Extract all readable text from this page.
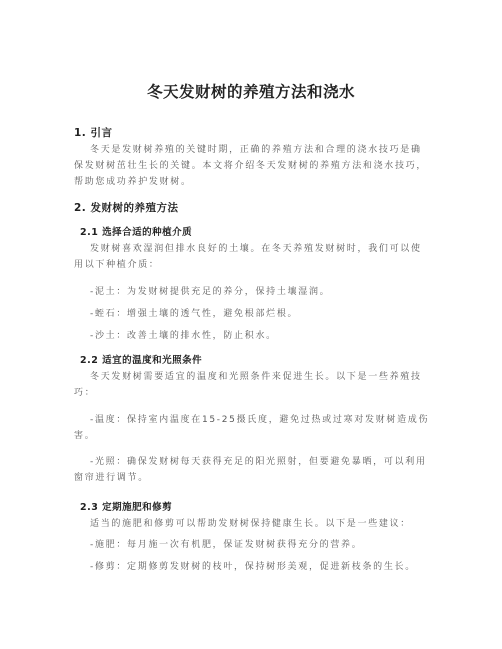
冬天发财树的养殖方法和浇水
1. 引言

冬天是发财树养殖的关键时期，正确的养殖方法和合理的浇水技巧是确保发财树茁壮生长的关键。本文将介绍冬天发财树的养殖方法和浇水技巧，帮助您成功养护发财树。

2. 发财树的养殖方法
2.1 选择合适的种植介质

发财树喜欢湿润但排水良好的土壤。在冬天养殖发财树时，我们可以使用以下种植介质：

-泥土：为发财树提供充足的养分，保持土壤湿润。

-蛭石：增强土壤的透气性，避免根部烂根。

-沙土：改善土壤的排水性，防止积水。

2.2 适宜的温度和光照条件

冬天发财树需要适宜的温度和光照条件来促进生长。以下是一些养殖技巧：

-温度：保持室内温度在15-25摄氏度，避免过热或过寒对发财树造成伤害。

-光照：确保发财树每天获得充足的阳光照射，但要避免暴晒，可以利用窗帘进行调节。

2.3 定期施肥和修剪

适当的施肥和修剪可以帮助发财树保持健康生长。以下是一些建议：

-施肥：每月施一次有机肥，保证发财树获得充分的营养。

-修剪：定期修剪发财树的枝叶，保持树形美观，促进新枝条的生长。
